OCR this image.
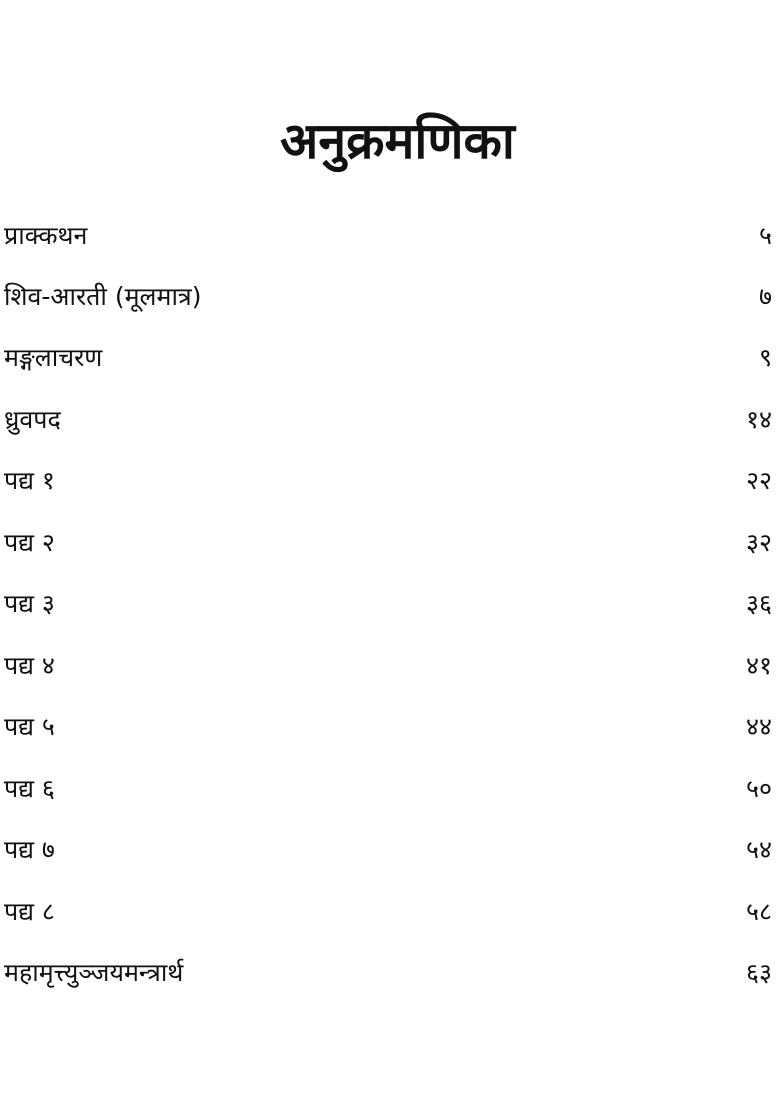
अनुक्रमणिका
प्राक्कथन	५
शिव-आरती (मूलमात्र)	७
मङ्गलाचरण	९
ध्रुवपद	१४
पद्य १	२२
पद्य २	३२
पद्य ३	३६
पद्य ४	४१
पद्य ५	४४
पद्य ६	५०
पद्य ७	५४
पद्य ८	५८
महामृत्त्युञ्जयमन्त्रार्थ	६३
